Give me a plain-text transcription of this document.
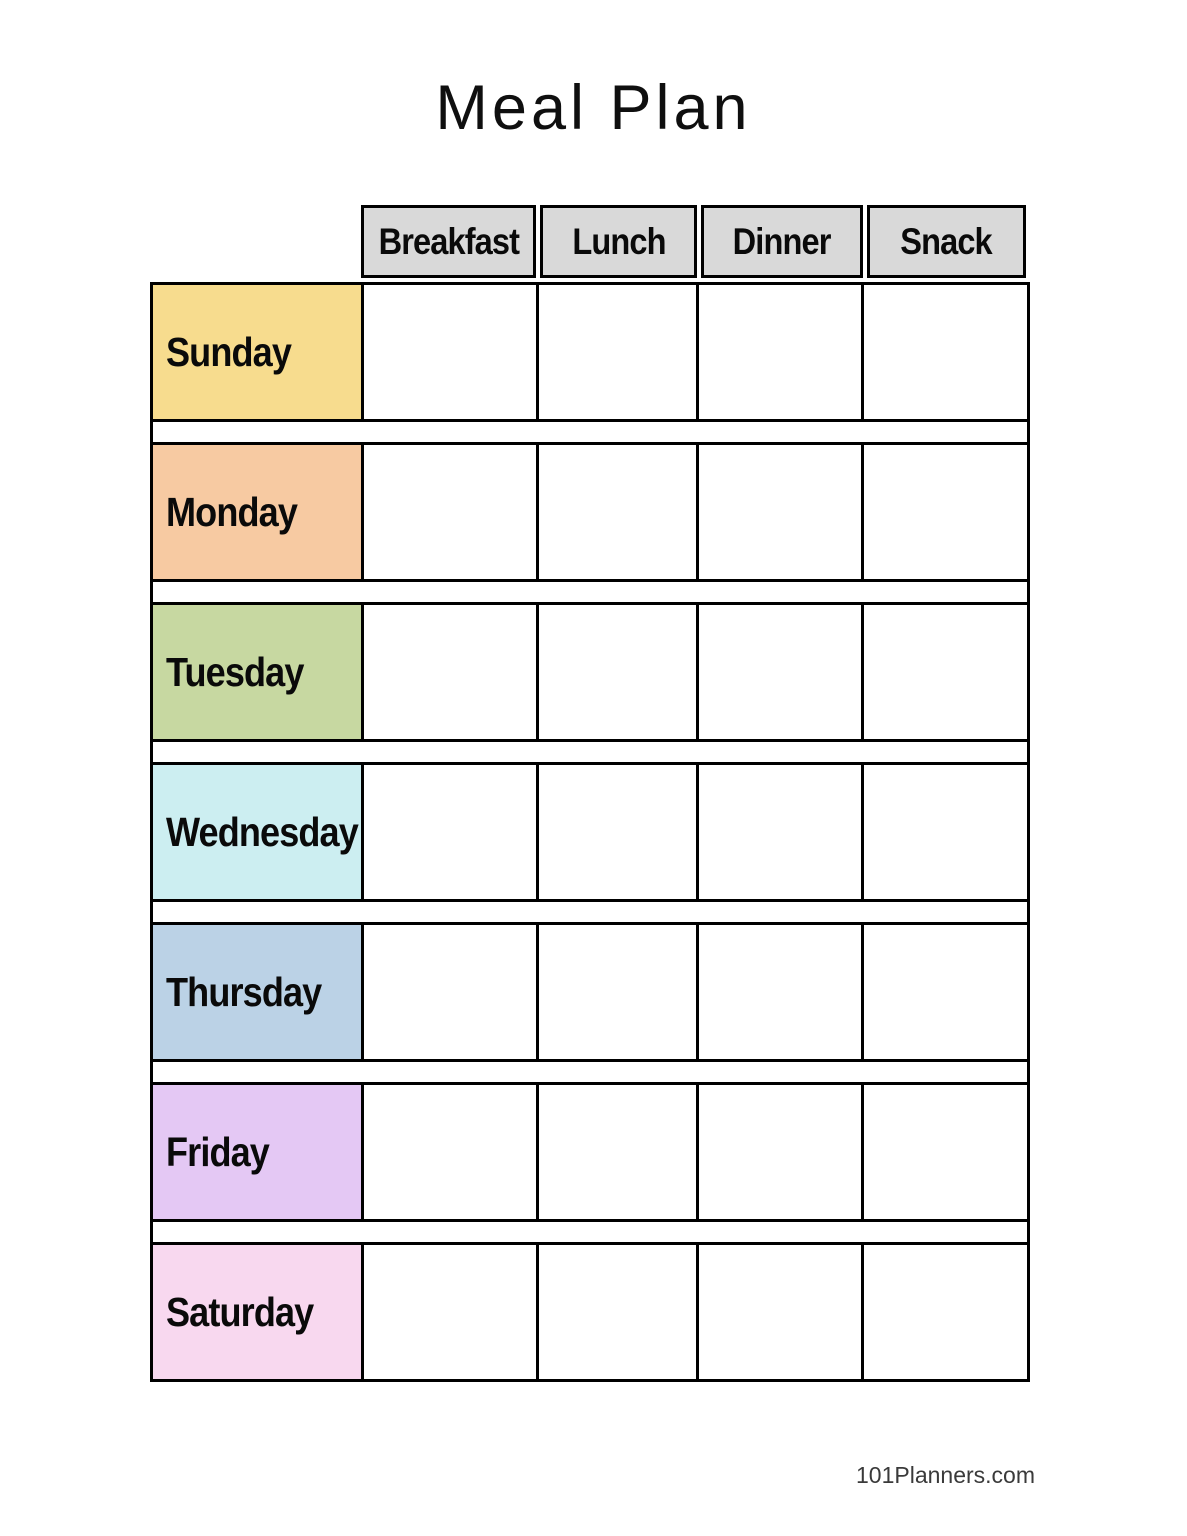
Meal Plan
Breakfast Lunch Dinner Snack
Sunday
Monday
Tuesday
Wednesday
Thursday
Friday
Saturday
101Planners.com
